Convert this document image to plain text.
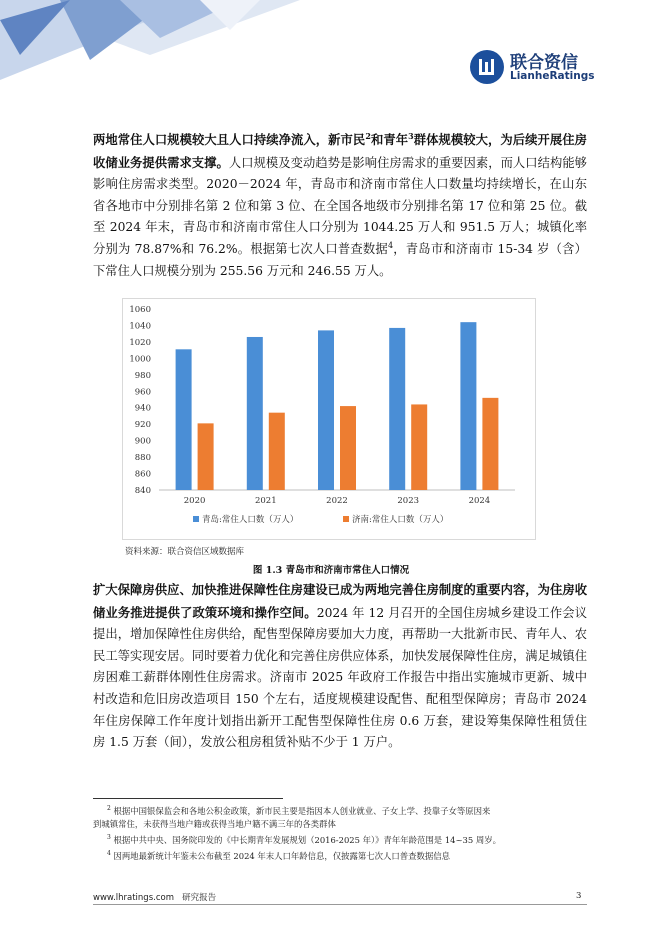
联合资信
LianheRatings

两地常住人口规模较大且人口持续净流入，新市民$^2$和青年$^3$群体规模较大，为后续开展住房收储业务提供需求支撑。人口规模及变动趋势是影响住房需求的重要因素，而人口结构能够影响住房需求类型。2020－2024 年，青岛市和济南市常住人口数量均持续增长，在山东省各地市中分别排名第 2 位和第 3 位、在全国各地级市分别排名第 17 位和第 25 位。截至 2024 年末，青岛市和济南市常住人口分别为 1044.25 万人和 951.5 万人；城镇化率分别为 78.87%和 76.2%。根据第七次人口普查数据$^4$，青岛市和济南市 15-34 岁（含）下常住人口规模分别为 255.56 万元和 246.55 万人。

840
860
880
900
920
940
960
980
1000
1020
1040
1060
2020	2021	2022	2023	2024
青岛:常住人口数（万人）	济南:常住人口数（万人）
资料来源：联合资信区域数据库
图 1.3 青岛市和济南市常住人口情况

扩大保障房供应、加快推进保障性住房建设已成为两地完善住房制度的重要内容，为住房收储业务推进提供了政策环境和操作空间。2024 年 12 月召开的全国住房城乡建设工作会议提出，增加保障性住房供给，配售型保障房要加大力度，再帮助一大批新市民、青年人、农民工等实现安居。同时要着力优化和完善住房供应体系，加快发展保障性住房，满足城镇住房困难工薪群体刚性住房需求。济南市 2025 年政府工作报告中指出实施城市更新、城中村改造和危旧房改造项目 150 个左右，适度规模建设配售、配租型保障房；青岛市 2024 年住房保障工作年度计划指出新开工配售型保障性住房 0.6 万套，建设筹集保障性租赁住房 1.5 万套（间），发放公租房租赁补贴不少于 1 万户。

$^2$ 根据中国银保监会和各地公积金政策，新市民主要是指因本人创业就业、子女上学、投靠子女等原因来

到城镇常住，未获得当地户籍或获得当地户籍不满三年的各类群体

$^3$ 根据中共中央、国务院印发的《中长期青年发展规划（2016-2025 年）》青年年龄范围是 14~35 周岁。

$^4$ 因两地最新统计年鉴未公布截至 2024 年末人口年龄信息，仅披露第七次人口普查数据信息

www.lhratings.com 研究报告	3
